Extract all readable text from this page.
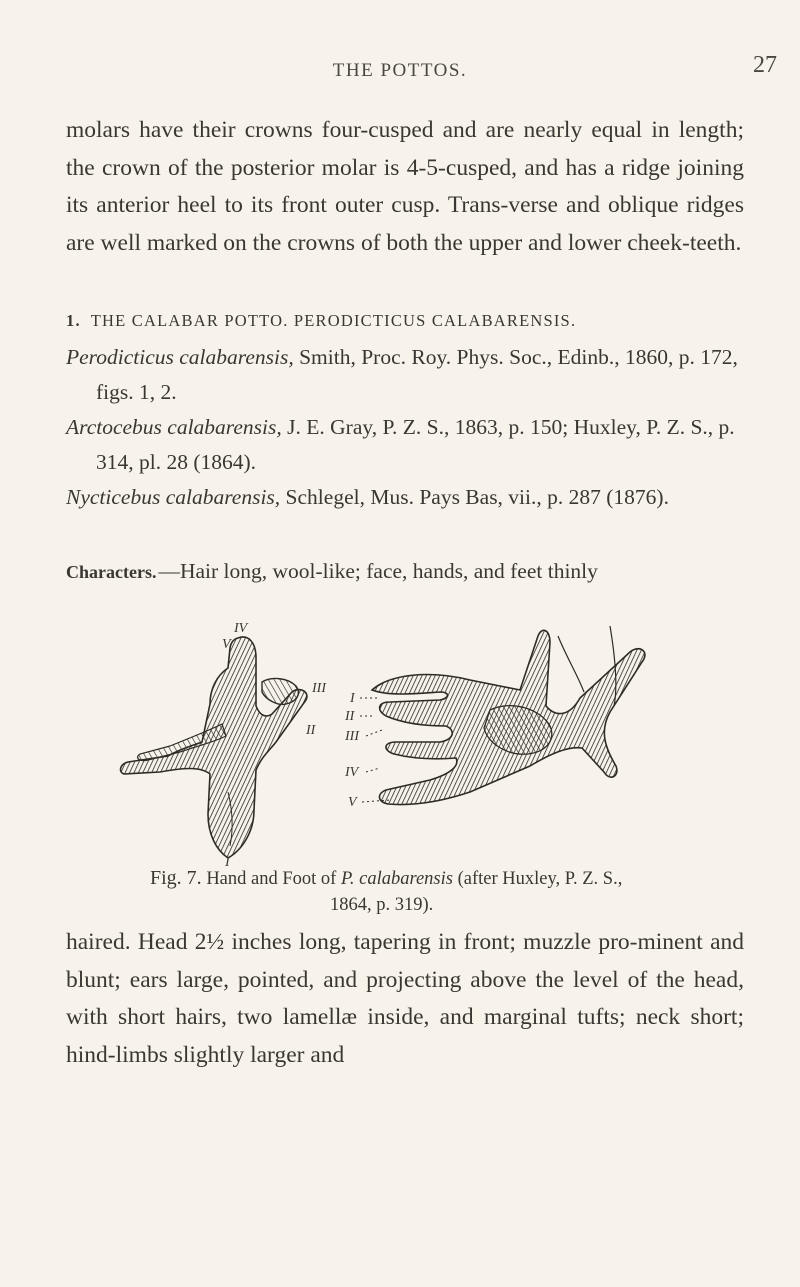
THE POTTOS.	27

molars have their crowns four-cusped and are nearly equal in length; the crown of the posterior molar is 4-5-cusped, and has a ridge joining its anterior heel to its front outer cusp. Trans-verse and oblique ridges are well marked on the crowns of both the upper and lower cheek-teeth.

1. THE CALABAR POTTO. PERODICTICUS CALABARENSIS.

Perodicticus calabarensis, Smith, Proc. Roy. Phys. Soc., Edinb., 1860, p. 172, figs. 1, 2.

Arctocebus calabarensis, J. E. Gray, P. Z. S., 1863, p. 150; Huxley, P. Z. S., p. 314, pl. 28 (1864).

Nycticebus calabarensis, Schlegel, Mus. Pays Bas, vii., p. 287 (1876).

Characters.—Hair long, wool-like; face, hands, and feet thinly
IV
V
III
II
I
I
II
III
IV
V
Fig. 7. Hand and Foot of P. calabarensis (after Huxley, P. Z. S.,
1864, p. 319).

haired. Head 2½ inches long, tapering in front; muzzle pro-minent and blunt; ears large, pointed, and projecting above the level of the head, with short hairs, two lamellæ inside, and marginal tufts; neck short; hind-limbs slightly larger and
